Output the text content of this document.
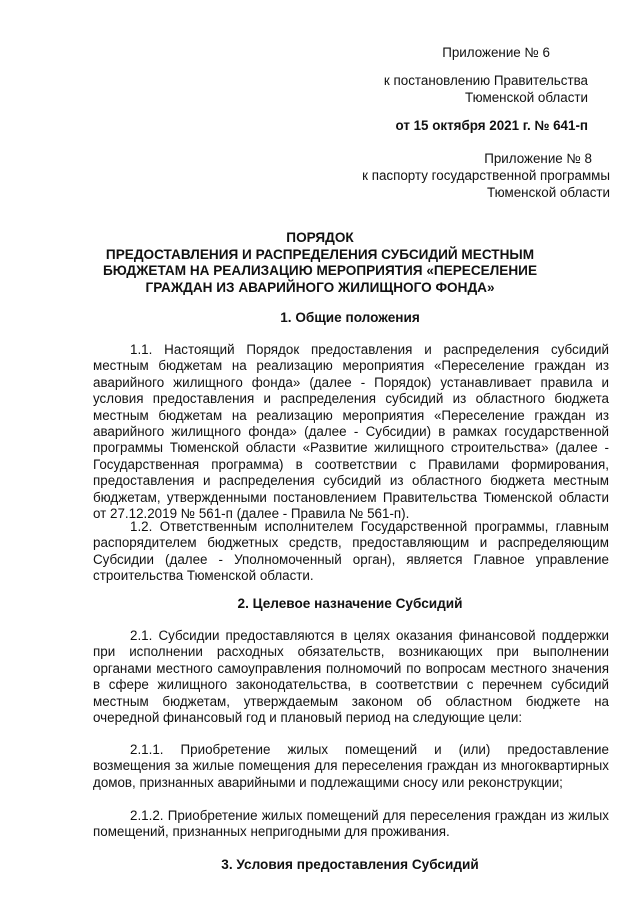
Приложение № 6
к постановлению Правительства
Тюменской области
от 15 октября 2021 г. № 641-п
Приложение № 8
к паспорту государственной программы
Тюменской области
ПОРЯДОК
ПРЕДОСТАВЛЕНИЯ И РАСПРЕДЕЛЕНИЯ СУБСИДИЙ МЕСТНЫМ
БЮДЖЕТАМ НА РЕАЛИЗАЦИЮ МЕРОПРИЯТИЯ «ПЕРЕСЕЛЕНИЕ
ГРАЖДАН ИЗ АВАРИЙНОГО ЖИЛИЩНОГО ФОНДА»
1. Общие положения

1.1. Настоящий Порядок предоставления и распределения субсидий местным бюджетам на реализацию мероприятия «Переселение граждан из аварийного жилищного фонда» (далее - Порядок) устанавливает правила и условия предоставления и распределения субсидий из областного бюджета местным бюджетам на реализацию мероприятия «Переселение граждан из аварийного жилищного фонда» (далее - Субсидии) в рамках государственной программы Тюменской области «Развитие жилищного строительства» (далее - Государственная программа) в соответствии с Правилами формирования, предоставления и распределения субсидий из областного бюджета местным бюджетам, утвержденными постановлением Правительства Тюменской области от 27.12.2019 № 561-п (далее - Правила № 561-п).

1.2. Ответственным исполнителем Государственной программы, главным распорядителем бюджетных средств, предоставляющим и распределяющим Субсидии (далее - Уполномоченный орган), является Главное управление строительства Тюменской области.

2. Целевое назначение Субсидий

2.1. Субсидии предоставляются в целях оказания финансовой поддержки при исполнении расходных обязательств, возникающих при выполнении органами местного самоуправления полномочий по вопросам местного значения в сфере жилищного законодательства, в соответствии с перечнем субсидий местным бюджетам, утверждаемым законом об областном бюджете на очередной финансовый год и плановый период на следующие цели:

2.1.1. Приобретение жилых помещений и (или) предоставление возмещения за жилые помещения для переселения граждан из многоквартирных домов, признанных аварийными и подлежащими сносу или реконструкции;

2.1.2. Приобретение жилых помещений для переселения граждан из жилых помещений, признанных непригодными для проживания.

3. Условия предоставления Субсидий
